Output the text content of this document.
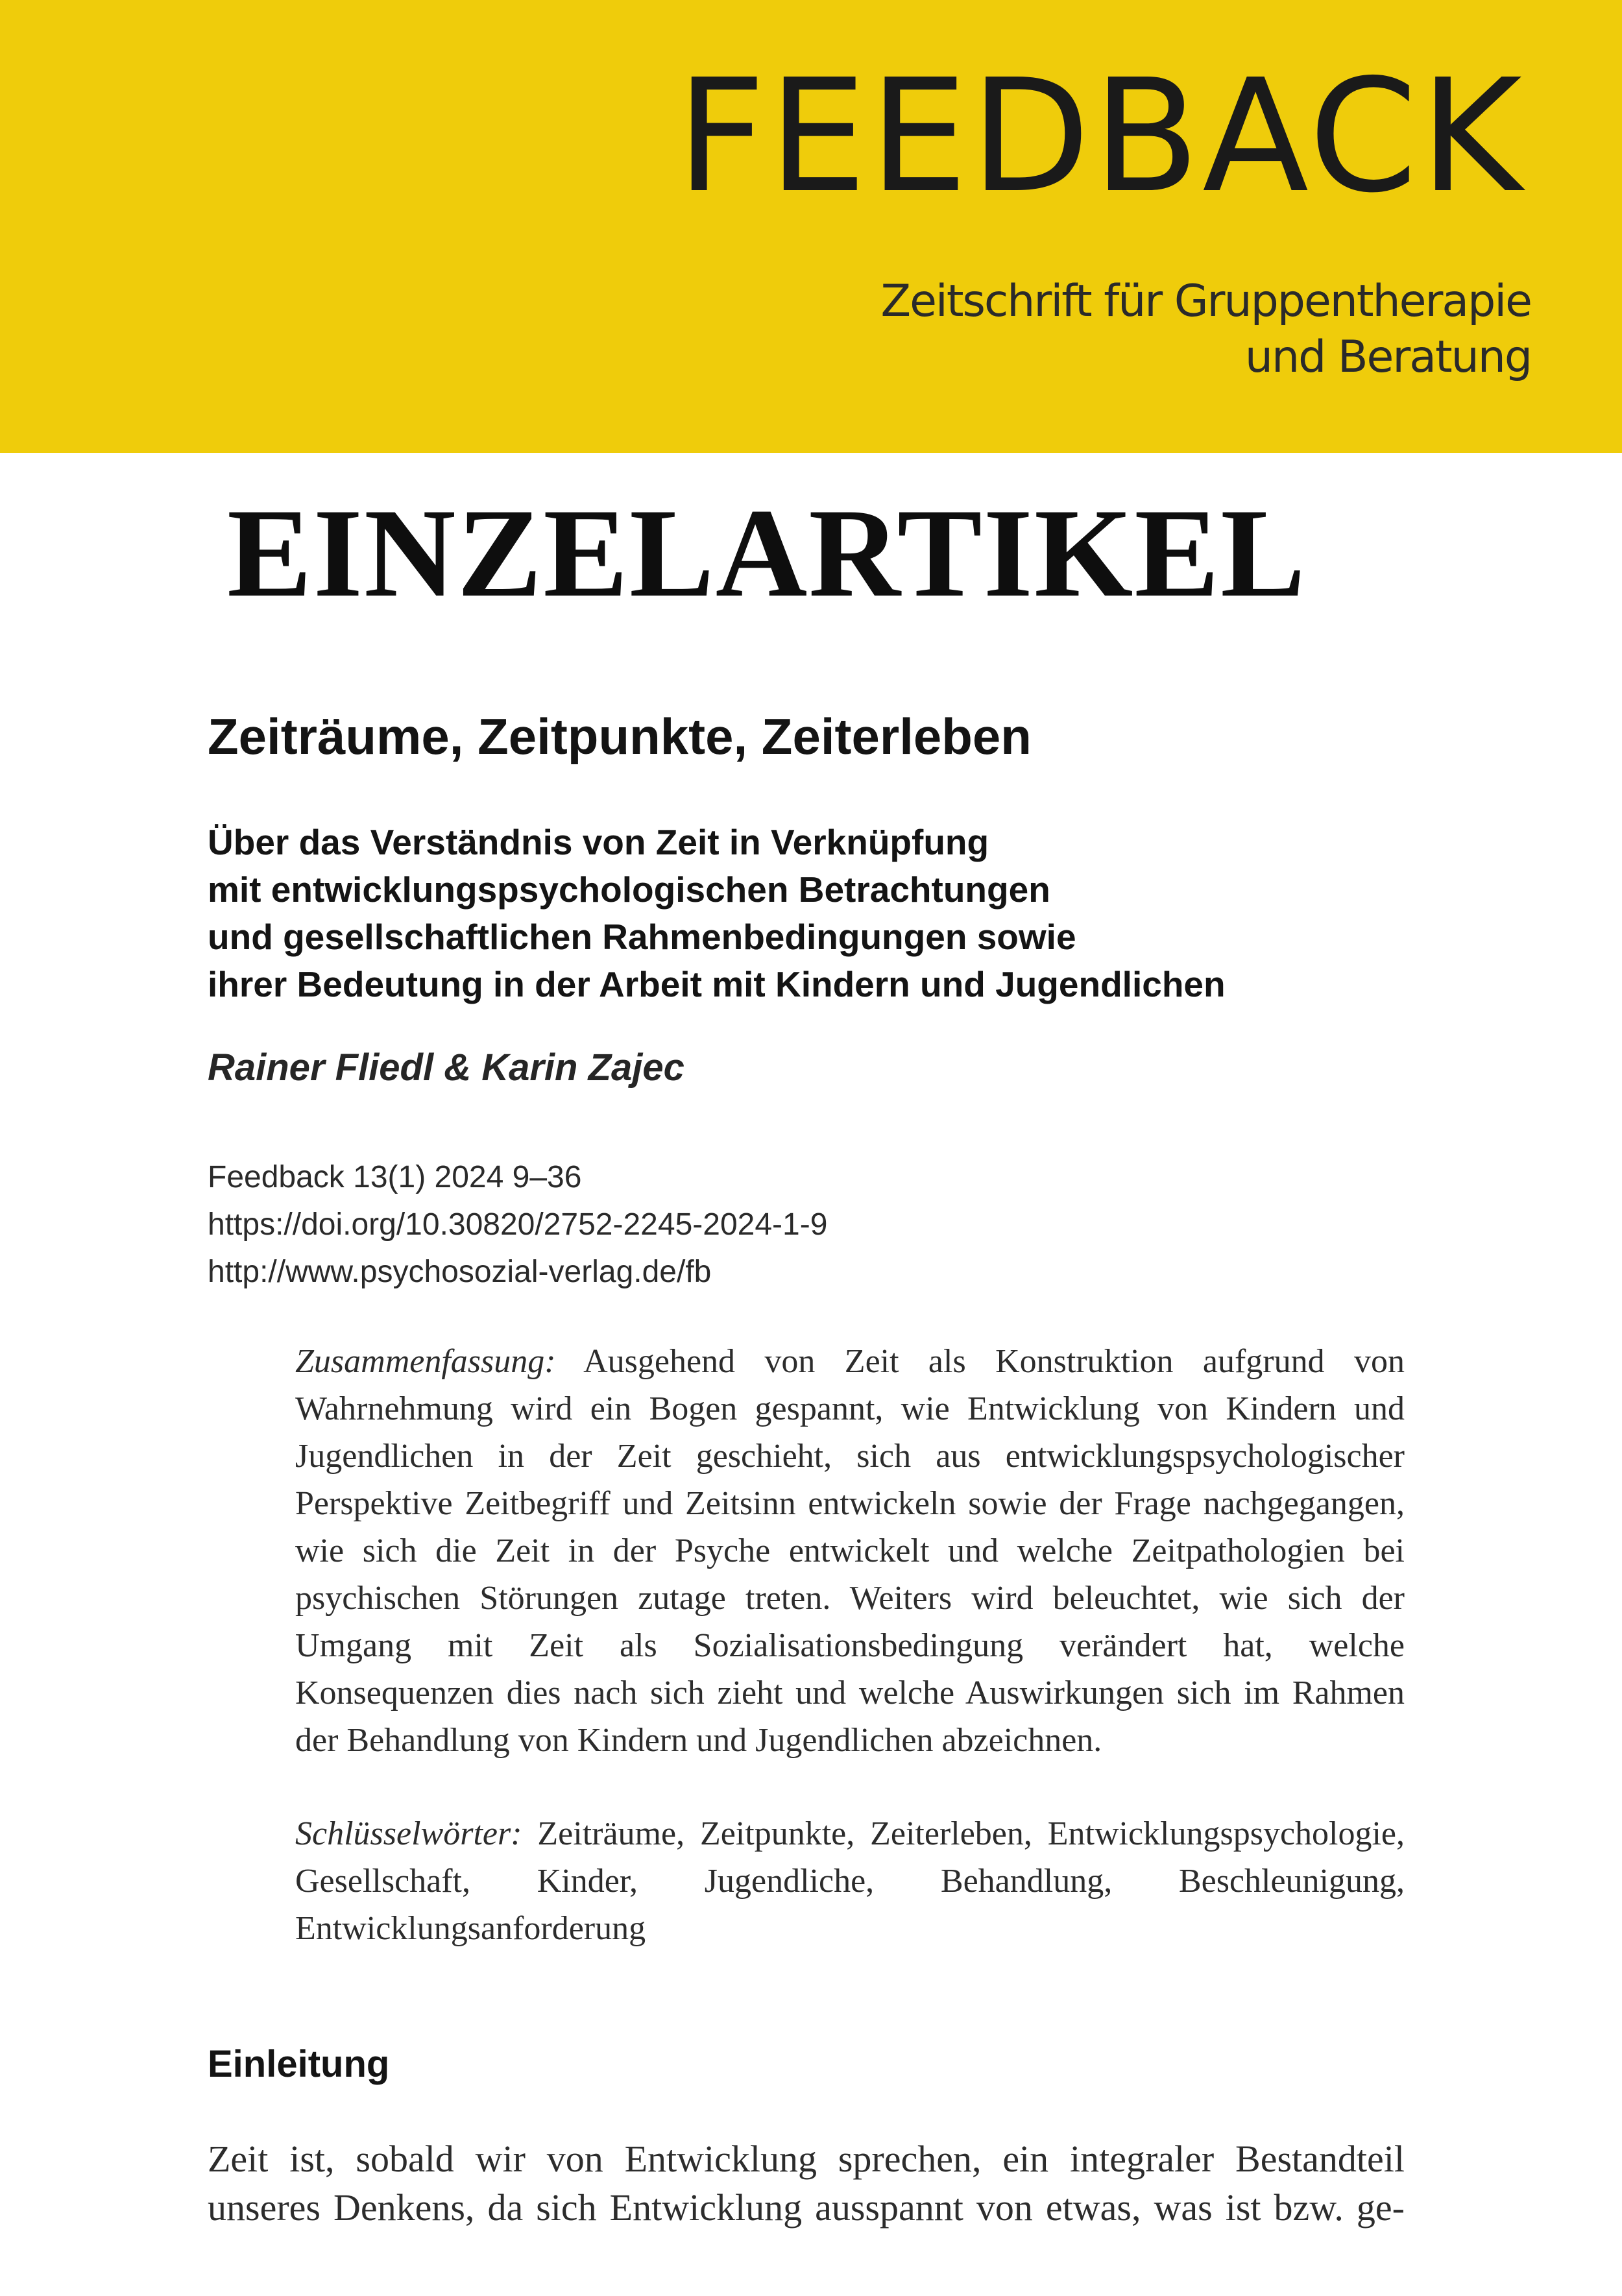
FEEDBACK
Zeitschrift für Gruppentherapie
und Beratung
EINZELARTIKEL
Zeiträume, Zeitpunkte, Zeiterleben
Über das Verständnis von Zeit in Verknüpfung
mit entwicklungspsychologischen Betrachtungen
und gesellschaftlichen Rahmenbedingungen sowie
ihrer Bedeutung in der Arbeit mit Kindern und Jugendlichen
Rainer Fliedl & Karin Zajec
Feedback 13(1) 2024 9–36
https://doi.org/10.30820/2752-2245-2024-1-9
http://www.psychosozial-verlag.de/fb
Zusammenfassung: Ausgehend von Zeit als Konstruktion aufgrund von Wahrnehmung wird ein Bogen gespannt, wie Entwicklung von Kindern und Jugendlichen in der Zeit geschieht, sich aus entwicklungspsychologischer Perspektive Zeitbegriff und Zeitsinn entwickeln sowie der Frage nachgegangen, wie sich die Zeit in der Psyche entwickelt und welche Zeitpathologien bei psychischen Störungen zutage treten. Weiters wird beleuchtet, wie sich der Umgang mit Zeit als Sozialisationsbedingung verändert hat, welche Konsequenzen dies nach sich zieht und welche Auswirkungen sich im Rahmen der Behandlung von Kindern und Jugendlichen abzeichnen.
Schlüsselwörter: Zeiträume, Zeitpunkte, Zeiterleben, Entwicklungspsychologie, Gesellschaft, Kinder, Jugendliche, Behandlung, Beschleunigung, Entwicklungsanforderung
Einleitung
Zeit ist, sobald wir von Entwicklung sprechen, ein integraler Bestandteil unseres Denkens, da sich Entwicklung ausspannt von etwas, was ist bzw. ge-
